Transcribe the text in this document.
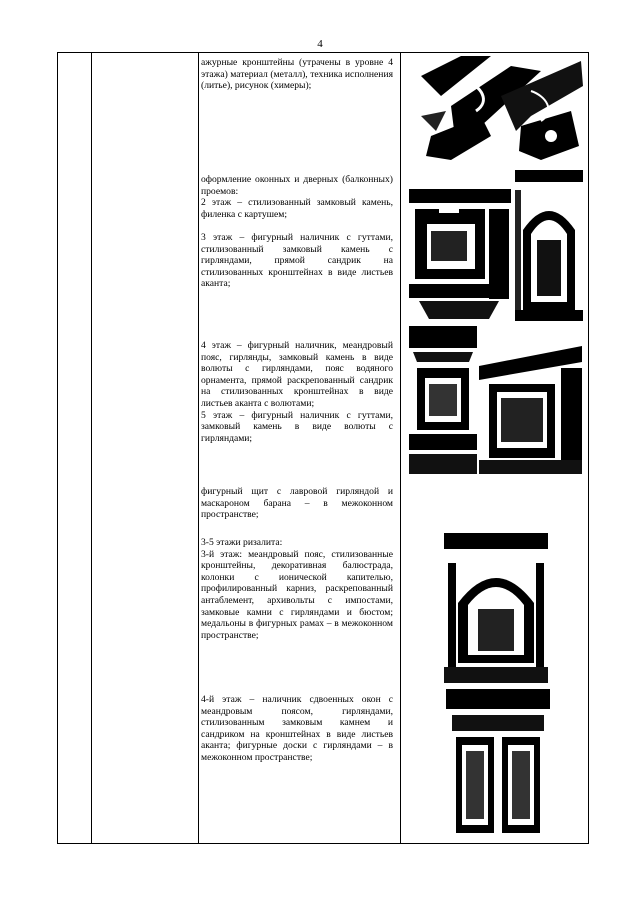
4

ажурные кронштейны (утрачены в уровне 4 этажа) материал (металл), техника исполнения (литье), рисунок (химеры);

оформление оконных и дверных (балконных) проемов:

2 этаж – стилизованный замковый камень, филенка с картушем;

3 этаж – фигурный наличник с гуттами, стилизованный замковый камень с гирляндами, прямой сандрик на стилизованных кронштейнах в виде листьев аканта;

4 этаж – фигурный наличник, меандровый пояс, гирлянды, замковый камень в виде волюты с гирляндами, пояс водяного орнамента, прямой раскрепованный сандрик на стилизованных кронштейнах в виде листьев аканта с волютами;

5 этаж – фигурный наличник с гуттами, замковый камень в виде волюты с гирляндами;

фигурный щит с лавровой гирляндой и маскароном барана – в межоконном пространстве;

3-5 этажи ризалита:

3-й этаж: меандровый пояс, стилизованные кронштейны, декоративная балюстрада, колонки с ионической капителью, профилированный карниз, раскрепованный антаблемент, архивольты с импостами, замковые камни с гирляндами и бюстом; медальоны в фигурных рамах – в межоконном пространстве;

4-й этаж – наличник сдвоенных окон с меандровым поясом, гирляндами, стилизованным замковым камнем и сандриком на кронштейнах в виде листьев аканта; фигурные доски с гирляндами – в межоконном пространстве;
